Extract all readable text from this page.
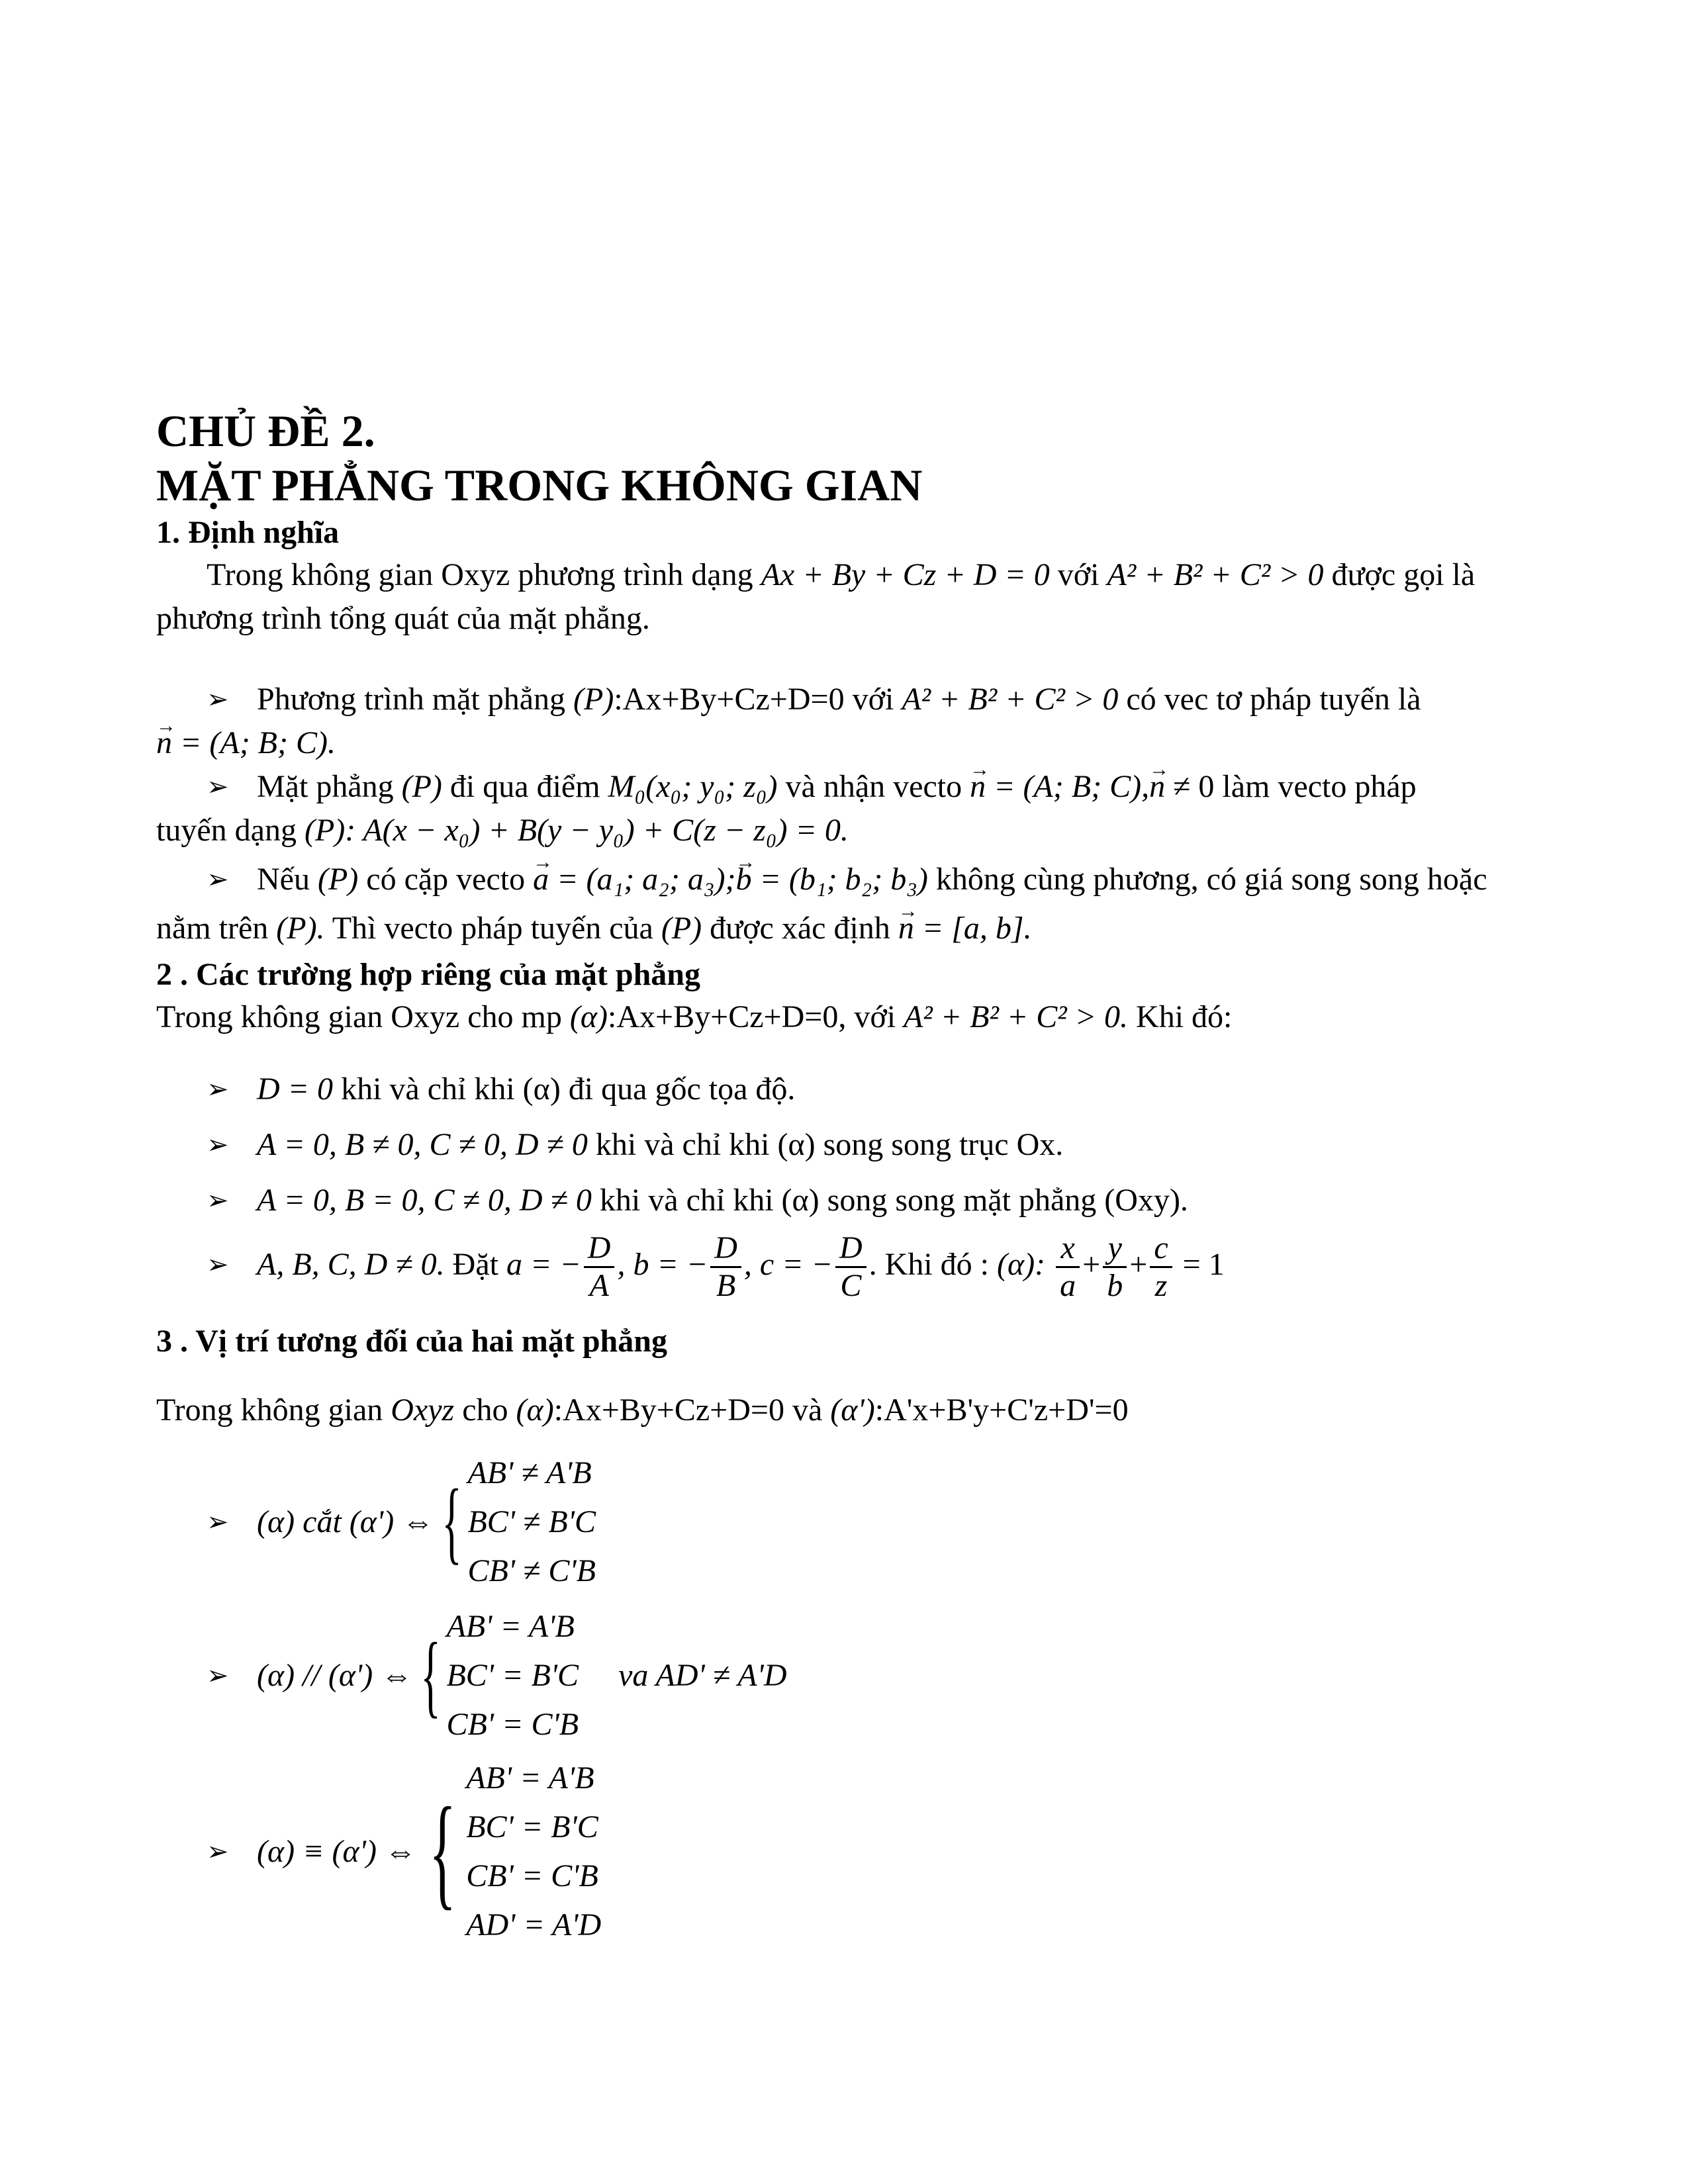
CHỦ ĐỀ 2.

MẶT PHẲNG TRONG KHÔNG GIAN

1. Định nghĩa

Trong không gian Oxyz phương trình dạng Ax + By + Cz + D = 0 với A² + B² + C² > 0 được gọi là

phương trình tổng quát của mặt phẳng.

➢ Phương trình mặt phẳng (P):Ax+By+Cz+D=0 với A² + B² + C² > 0 có vec tơ pháp tuyến là

→ n = (A; B; C).

➢ Mặt phẳng (P) đi qua điểm M₀(x₀; y₀; z₀) và nhận vecto → n = (A; B; C),→ n ≠ 0 làm vecto pháp

tuyến dạng (P): A(x − x₀) + B(y − y₀) + C(z − z₀) = 0.

➢ Nếu (P) có cặp vecto → a = (a₁; a₂; a₃);→ b = (b₁; b₂; b₃) không cùng phương, có giá song song hoặc

nằm trên (P). Thì vecto pháp tuyến của (P) được xác định → n = [a, b].

2 . Các trường hợp riêng của mặt phẳng

Trong không gian Oxyz cho mp (α):Ax+By+Cz+D=0, với A² + B² + C² > 0. Khi đó:

➢ D = 0 khi và chỉ khi (α) đi qua gốc tọa độ.
➢ A = 0, B ≠ 0, C ≠ 0, D ≠ 0 khi và chỉ khi (α) song song trục Ox.
➢ A = 0, B = 0, C ≠ 0, D ≠ 0 khi và chỉ khi (α) song song mặt phẳng (Oxy).
➢ A, B, C, D ≠ 0. Đặt a = − $\frac{D}{A}$ , b = − $\frac{D}{B}$ , c = − $\frac{D}{C}$ . Khi đó : (α): $\frac{x}{a} + \frac{y}{b} + \frac{c}{z} = 1$

3 . Vị trí tương đối của hai mặt phẳng

Trong không gian Oxyz cho (α):Ax+By+Cz+D=0 và (α'):A'x+B'y+C'z+D'=0

➢ (α) cắt (α') ⇔ { AB' ≠ A'B
BC' ≠ B'C
CB' ≠ C'B
➢ (α) // (α') ⇔ { AB' = A'B
BC' = B'C
CB' = C'B
va AD' ≠ A'D
➢ (α) ≡ (α') ⇔ {
AB' = A'B
BC' = B'C
CB' = C'B
AD' = A'D
